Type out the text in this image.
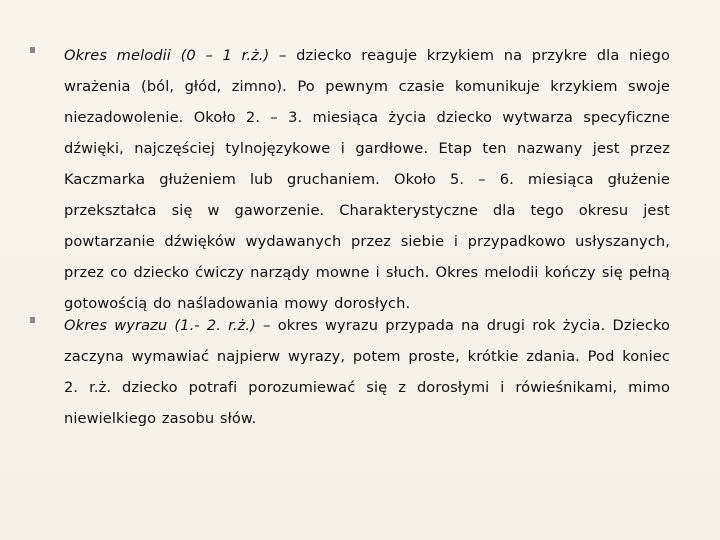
Okres melodii (0 – 1 r.ż.) – dziecko reaguje krzykiem na przykre dla niego wrażenia (ból, głód, zimno). Po pewnym czasie komunikuje krzykiem swoje niezadowolenie. Około 2. – 3. miesiąca życia dziecko wytwarza specyficzne dźwięki, najczęściej tylnojęzykowe i gardłowe. Etap ten nazwany jest przez Kaczmarka głużeniem lub gruchaniem. Około 5. – 6. miesiąca głużenie przekształca się w gaworzenie. Charakterystyczne dla tego okresu jest powtarzanie dźwięków wydawanych przez siebie i przypadkowo usłyszanych, przez co dziecko ćwiczy narządy mowne i słuch. Okres melodii kończy się pełną gotowością do naśladowania mowy dorosłych.

Okres wyrazu (1.- 2. r.ż.) – okres wyrazu przypada na drugi rok życia. Dziecko zaczyna wymawiać najpierw wyrazy, potem proste, krótkie zdania. Pod koniec 2. r.ż. dziecko potrafi porozumiewać się z dorosłymi i rówieśnikami, mimo niewielkiego zasobu słów.
